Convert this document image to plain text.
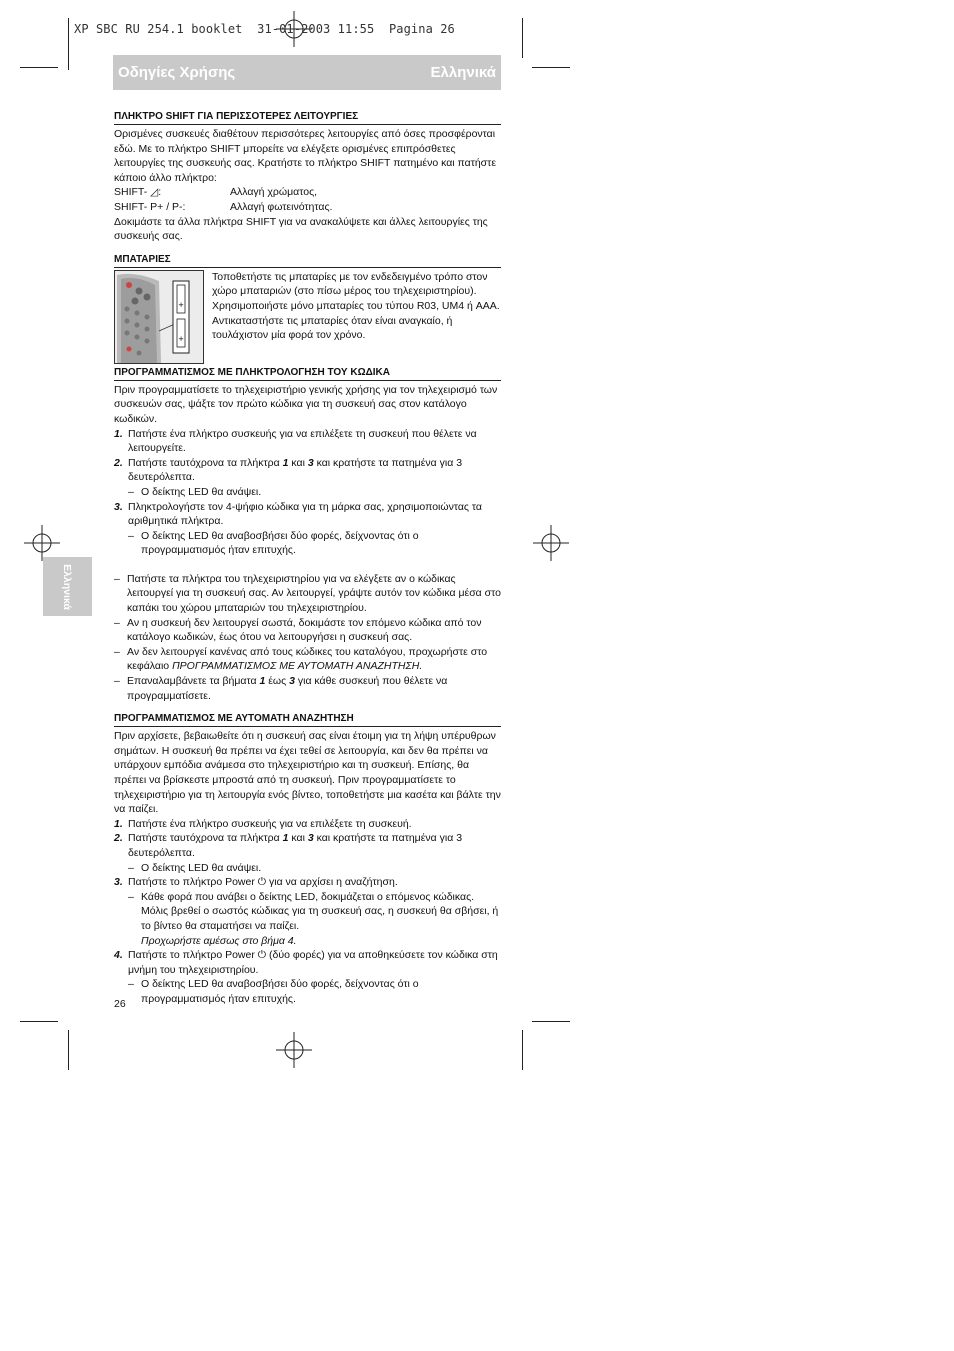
XP SBC RU 254.1 booklet  31-01-2003 11:55  Pagina 26
Οδηγίες Χρήσης	Ελληνικά
Ελληνικά
ΠΛΗΚΤΡΟ SHIFT ΓΙΑ ΠΕΡΙΣΣΟΤΕΡΕΣ ΛΕΙΤΟΥΡΓΙΕΣ

Ορισμένες συσκευές διαθέτουν περισσότερες λειτουργίες από όσες προσφέρονται εδώ. Με το πλήκτρο SHIFT μπορείτε να ελέγξετε ορισμένες επιπρόσθετες λειτουργίες της συσκευής σας. Κρατήστε το πλήκτρο SHIFT πατημένο και πατήστε κάποιο άλλο πλήκτρο:

SHIFT- ◿:	Αλλαγή χρώματος,
SHIFT- P+ / P-:	Αλλαγή φωτεινότητας.

Δοκιμάστε τα άλλα πλήκτρα SHIFT για να ανακαλύψετε και άλλες λειτουργίες της συσκευής σας.

ΜΠΑΤΑΡΙΕΣ
+
+

Τοποθετήστε τις μπαταρίες με τον ενδεδειγμένο τρόπο στον χώρο μπαταριών (στο πίσω μέρος του τηλεχειριστηρίου). Χρησιμοποιήστε μόνο μπαταρίες του τύπου R03, UM4 ή AAA. Αντικαταστήστε τις μπαταρίες όταν είναι αναγκαίο, ή τουλάχιστον μία φορά τον χρόνο.

ΠΡΟΓΡΑΜΜΑΤΙΣΜΟΣ ΜΕ ΠΛΗΚΤΡΟΛΟΓΗΣΗ ΤΟΥ ΚΩΔΙΚΑ

Πριν προγραμματίσετε το τηλεχειριστήριο γενικής χρήσης για τον τηλεχειρισμό των συσκευών σας, ψάξτε τον πρώτο κώδικα για τη συσκευή σας στον κατάλογο κωδικών.

1. Πατήστε ένα πλήκτρο συσκευής για να επιλέξετε τη συσκευή που θέλετε να λειτουργείτε.
2. Πατήστε ταυτόχρονα τα πλήκτρα 1 και 3 και κρατήστε τα πατημένα για 3 δευτερόλεπτα.
– Ο δείκτης LED θα ανάψει.
3. Πληκτρολογήστε τον 4-ψήφιο κώδικα για τη μάρκα σας, χρησιμοποιώντας τα αριθμητικά πλήκτρα.
– Ο δείκτης LED θα αναβοσβήσει δύο φορές, δείχνοντας ότι ο προγραμματισμός ήταν επιτυχής.
– Πατήστε τα πλήκτρα του τηλεχειριστηρίου για να ελέγξετε αν ο κώδικας λειτουργεί για τη συσκευή σας. Αν λειτουργεί, γράψτε αυτόν τον κώδικα μέσα στο καπάκι του χώρου μπαταριών του τηλεχειριστηρίου.
– Αν η συσκευή δεν λειτουργεί σωστά, δοκιμάστε τον επόμενο κώδικα από τον κατάλογο κωδικών, έως ότου να λειτουργήσει η συσκευή σας.
– Αν δεν λειτουργεί κανένας από τους κώδικες του καταλόγου, προχωρήστε στο κεφάλαιο ΠΡΟΓΡΑΜΜΑΤΙΣΜΟΣ ΜΕ ΑΥΤΟΜΑΤΗ ΑΝΑΖΗΤΗΣΗ.
– Επαναλαμβάνετε τα βήματα 1 έως 3 για κάθε συσκευή που θέλετε να προγραμματίσετε.
ΠΡΟΓΡΑΜΜΑΤΙΣΜΟΣ ΜΕ ΑΥΤΟΜΑΤΗ ΑΝΑΖΗΤΗΣΗ

Πριν αρχίσετε, βεβαιωθείτε ότι η συσκευή σας είναι έτοιμη για τη λήψη υπέρυθρων σημάτων. Η συσκευή θα πρέπει να έχει τεθεί σε λειτουργία, και δεν θα πρέπει να υπάρχουν εμπόδια ανάμεσα στο τηλεχειριστήριο και τη συσκευή. Επίσης, θα πρέπει να βρίσκεστε μπροστά από τη συσκευή. Πριν προγραμματίσετε το τηλεχειριστήριο για τη λειτουργία ενός βίντεο, τοποθετήστε μια κασέτα και βάλτε την να παίζει.

1. Πατήστε ένα πλήκτρο συσκευής για να επιλέξετε τη συσκευή.
2. Πατήστε ταυτόχρονα τα πλήκτρα 1 και 3 και κρατήστε τα πατημένα για 3 δευτερόλεπτα.
– Ο δείκτης LED θα ανάψει.
3. Πατήστε το πλήκτρο Power ⏻ για να αρχίσει η αναζήτηση.
– Κάθε φορά που ανάβει ο δείκτης LED, δοκιμάζεται ο επόμενος κώδικας. Μόλις βρεθεί ο σωστός κώδικας για τη συσκευή σας, η συσκευή θα σβήσει, ή το βίντεο θα σταματήσει να παίζει.
Προχωρήστε αμέσως στο βήμα 4.
4. Πατήστε το πλήκτρο Power ⏻ (δύο φορές) για να αποθηκεύσετε τον κώδικα στη μνήμη του τηλεχειριστηρίου.
– Ο δείκτης LED θα αναβοσβήσει δύο φορές, δείχνοντας ότι ο προγραμματισμός ήταν επιτυχής.
26
